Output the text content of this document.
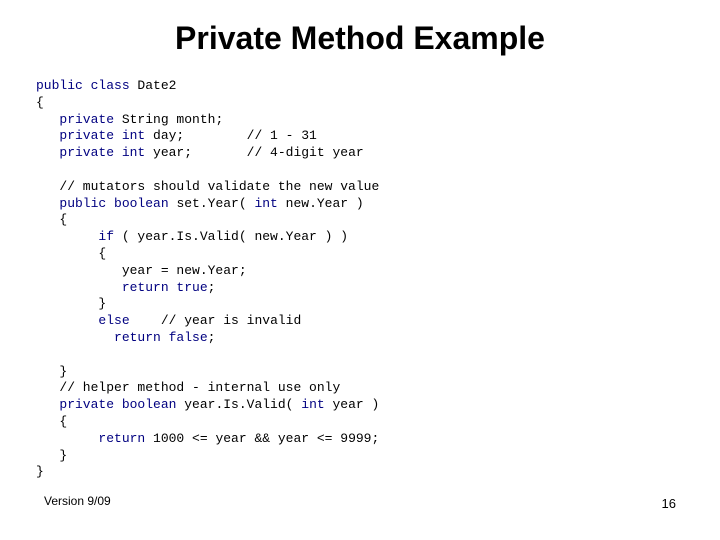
Private Method Example
public class Date2
{
private String month;
private int day;        // 1 - 31
private int year;       // 4-digit year
// mutators should validate the new value
public boolean set.Year( int new.Year )
{
if ( year.Is.Valid( new.Year ) )
{
year = new.Year;
return true;
}
else    // year is invalid
return false;
}
// helper method - internal use only
private boolean year.Is.Valid( int year )
{
return 1000 <= year && year <= 9999;
}
}
Version 9/09	16
